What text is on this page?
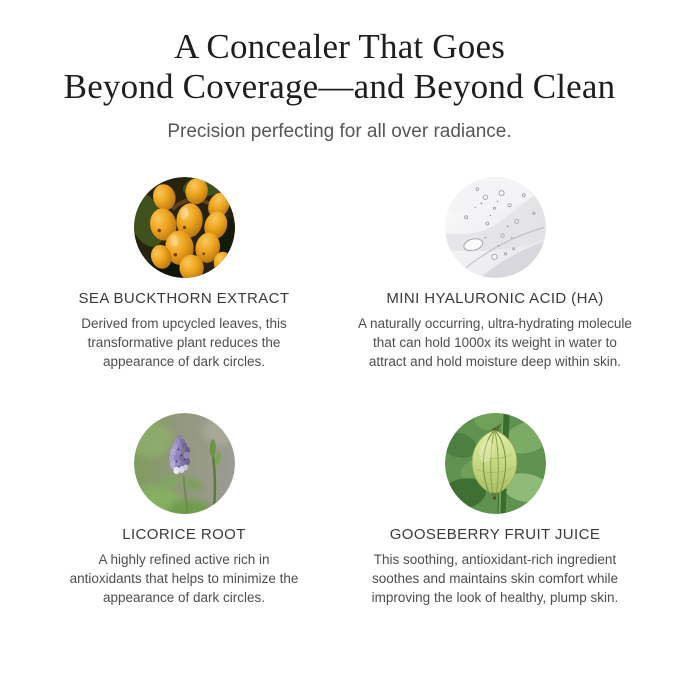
A Concealer That Goes
Beyond Coverage—and Beyond Clean

Precision perfecting for all over radiance.

SEA BUCKTHORN EXTRACT

Derived from upcycled leaves, this transformative plant reduces the appearance of dark circles.

MINI HYALURONIC ACID (HA)

A naturally occurring, ultra-hydrating molecule that can hold 1000x its weight in water to attract and hold moisture deep within skin.

LICORICE ROOT

A highly refined active rich in antioxidants that helps to minimize the appearance of dark circles.

GOOSEBERRY FRUIT JUICE

This soothing, antioxidant-rich ingredient soothes and maintains skin comfort while improving the look of healthy, plump skin.
